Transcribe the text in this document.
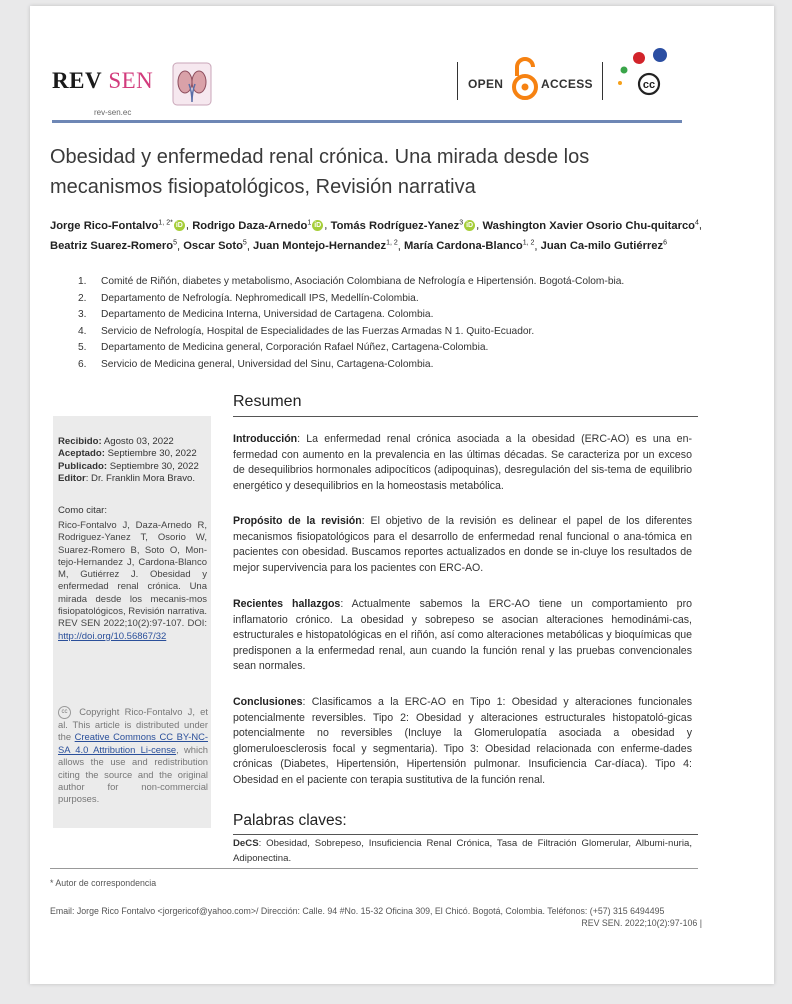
REV SEN
rev-sen.ec
OPEN	ACCESS	cc
Obesidad y enfermedad renal crónica. Una mirada desde los mecanismos fisiopatológicos, Revisión narrativa
Jorge Rico-Fontalvo$^{1, 2*}$ iD , Rodrigo Daza-Arnedo$^1$ iD , Tomás Rodríguez-Yanez$^3$ iD , Washington Xavier Osorio Chu-quitarco$^4$, Beatriz Suarez-Romero$^5$, Oscar Soto$^5$, Juan Montejo-Hernandez$^{1, 2}$, María Cardona-Blanco$^{1, 2}$, Juan Ca-milo Gutiérrez$^6$
1. Comité de Riñón, diabetes y metabolismo, Asociación Colombiana de Nefrología e Hipertensión. Bogotá-Colom-bia.
2. Departamento de Nefrología. Nephromedicall IPS, Medellín-Colombia.
3. Departamento de Medicina Interna, Universidad de Cartagena. Colombia.
4. Servicio de Nefrología, Hospital de Especialidades de las Fuerzas Armadas N 1. Quito-Ecuador.
5. Departamento de Medicina general, Corporación Rafael Núñez, Cartagena-Colombia.
6. Servicio de Medicina general, Universidad del Sinu, Cartagena-Colombia.
Recibido: Agosto 03, 2022
Aceptado: Septiembre 30, 2022
Publicado: Septiembre 30, 2022
Editor: Dr. Franklin Mora Bravo.
Como citar:
Rico-Fontalvo J, Daza-Arnedo R, Rodriguez-Yanez T, Osorio W, Suarez-Romero B, Soto O, Mon-tejo-Hernandez J, Cardona-Blanco M, Gutiérrez J. Obesidad y enfermedad renal crónica. Una mirada desde los mecanis-mos fisiopatológicos, Revisión narrativa. REV SEN 2022;10(2):97-107. DOI: http://doi.org/10.56867/32
cc Copyright Rico-Fontalvo J, et al. This article is distributed under the Creative Commons CC BY-NC-SA 4.0 Attribution Li-cense, which allows the use and redistribution citing the source and the original author for non-commercial purposes.
Resumen
Introducción: La enfermedad renal crónica asociada a la obesidad (ERC-AO) es una en-fermedad con aumento en la prevalencia en las últimas décadas. Se caracteriza por un exceso de desequilibrios hormonales adipocíticos (adipoquinas), desregulación del sis-tema de equilibrio energético y desequilibrios en la homeostasis metabólica.
Propósito de la revisión: El objetivo de la revisión es delinear el papel de los diferentes mecanismos fisiopatológicos para el desarrollo de enfermedad renal funcional o ana-tómica en pacientes con obesidad. Buscamos reportes actualizados en donde se in-cluye los resultados de mejor supervivencia para los pacientes con ERC-AO.
Recientes hallazgos: Actualmente sabemos la ERC-AO tiene un comportamiento pro inflamatorio crónico. La obesidad y sobrepeso se asocian alteraciones hemodinámi-cas, estructurales e histopatológicas en el riñón, así como alteraciones metabólicas y bioquímicas que predisponen a la enfermedad renal, aun cuando la función renal y las pruebas convencionales sean normales.
Conclusiones: Clasificamos a la ERC-AO en Tipo 1: Obesidad y alteraciones funcionales potencialmente reversibles. Tipo 2: Obesidad y alteraciones estructurales histopatoló-gicas potencialmente no reversibles (Incluye la Glomerulopatía asociada a obesidad y glomeruloesclerosis focal y segmentaria). Tipo 3: Obesidad relacionada con enferme-dades crónicas (Diabetes, Hipertensión, Hipertensión pulmonar. Insuficiencia Car-díaca). Tipo 4: Obesidad en el paciente con terapia sustitutiva de la función renal.
Palabras claves:
DeCS: Obesidad, Sobrepeso, Insuficiencia Renal Crónica, Tasa de Filtración Glomerular, Albumi-nuria, Adiponectina.
* Autor de correspondencia
Email: Jorge Rico Fontalvo <jorgericof@yahoo.com>/ Dirección: Calle. 94 #No. 15-32 Oficina 309, El Chicó. Bogotá, Colombia. Teléfonos: (+57) 315 6494495
REV SEN. 2022;10(2):97-106 |
